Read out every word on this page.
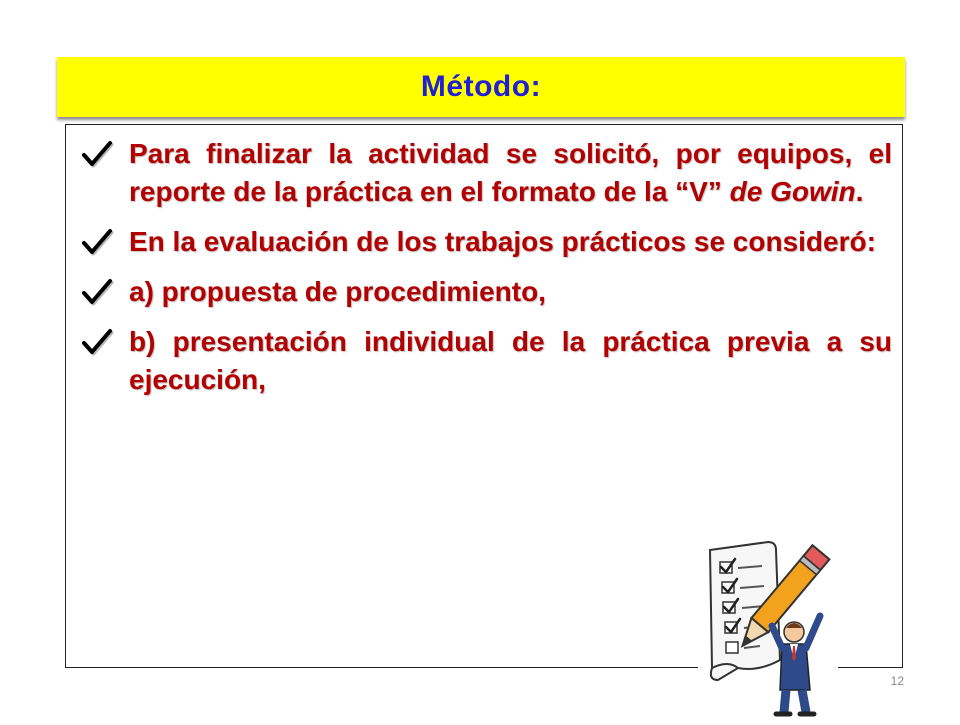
Método:
Para finalizar la actividad se solicitó, por equipos, el reporte de la práctica en el formato de la “V” de Gowin.
En la evaluación de los trabajos prácticos se consideró:
a) propuesta de procedimiento,
b) presentación individual de la práctica previa a su ejecución,
12
